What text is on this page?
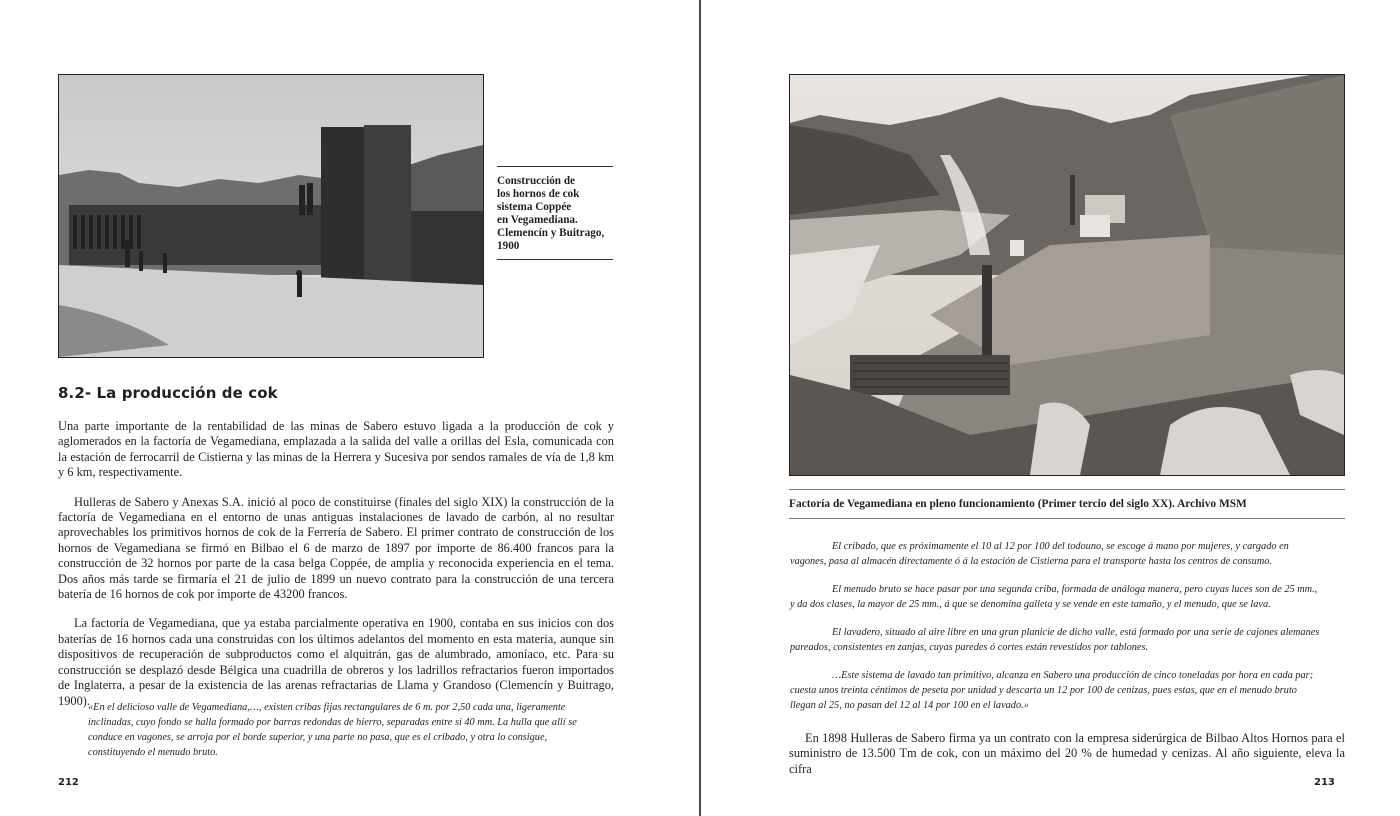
Construcción de

los hornos de cok

sistema Coppée

en Vegamediana.

Clemencín y Buitrago,

1900

8.2- La producción de cok

Una parte importante de la rentabilidad de las minas de Sabero estuvo ligada a la producción de cok y aglomerados en la factoría de Vegamediana, emplazada a la salida del valle a orillas del Esla, comunicada con la estación de ferrocarril de Cistierna y las minas de la Herrera y Sucesiva por sendos ramales de vía de 1,8 km y 6 km, respectivamente.

Hulleras de Sabero y Anexas S.A. inició al poco de constituirse (finales del siglo XIX) la construcción de la factoría de Vegamediana en el entorno de unas antiguas instalaciones de lavado de carbón, al no resultar aprovechables los primitivos hornos de cok de la Ferrería de Sabero. El primer contrato de construcción de los hornos de Vegamediana se firmó en Bilbao el 6 de marzo de 1897 por importe de 86.400 francos para la construcción de 32 hornos por parte de la casa belga Coppée, de amplia y reconocida experiencia en el tema. Dos años más tarde se firmaría el 21 de julio de 1899 un nuevo contrato para la construcción de una tercera batería de 16 hornos de cok por importe de 43200 francos.

La factoría de Vegamediana, que ya estaba parcialmente operativa en 1900, contaba en sus inicios con dos baterías de 16 hornos cada una construidas con los últimos adelantos del momento en esta materia, aunque sin dispositivos de recuperación de subproductos como el alquitrán, gas de alumbrado, amoníaco, etc. Para su construcción se desplazó desde Bélgica una cuadrilla de obreros y los ladrillos refractarios fueron importados de Inglaterra, a pesar de la existencia de las arenas refractarias de Llama y Grandoso (Clemencín y Buitrago, 1900).

«En el delicioso valle de Vegamediana,…, existen cribas fijas rectangulares de 6 m. por 2,50 cada una, ligeramente inclinadas, cuyo fondo se halla formado por barras redondas de hierro, separadas entre si 40 mm. La hulla que allí se conduce en vagones, se arroja por el borde superior, y una parte no pasa, que es el cribado, y otra lo consigue, constituyendo el menudo bruto.

212

Factoría de Vegamediana en pleno funcionamiento (Primer tercio del siglo XX). Archivo MSM

El cribado, que es próximamente el 10 al 12 por 100 del todouno, se escoge á mano por mujeres, y cargado en vagones, pasa al almacén directamente ó á la estación de Cistierna para el transporte hasta los centros de consumo.

El menudo bruto se hace pasar por una segunda criba, formada de análoga manera, pero cuyas luces son de 25 mm., y da dos clases, la mayor de 25 mm., á que se denomina galleta y se vende en este tamaño, y el menudo, que se lava.

El lavadero, situado al aire libre en una gran planicie de dicho valle, está formado por una serie de cajones alemanes pareados, consistentes en zanjas, cuyas paredes ó cortes están revestidos por tablones.

…Este sistema de lavado tan primitivo, alcanza en Sabero una producción de cinco toneladas por hora en cada par; cuesta unos treinta céntimos de peseta por unidad y descarta un 12 por 100 de cenizas, pues estas, que en el menudo bruto llegan al 25, no pasan del 12 al 14 por 100 en el lavado.»

En 1898 Hulleras de Sabero firma ya un contrato con la empresa siderúrgica de Bilbao Altos Hornos para el suministro de 13.500 Tm de cok, con un máximo del 20 % de humedad y cenizas. Al año siguiente, eleva la cifra

213
